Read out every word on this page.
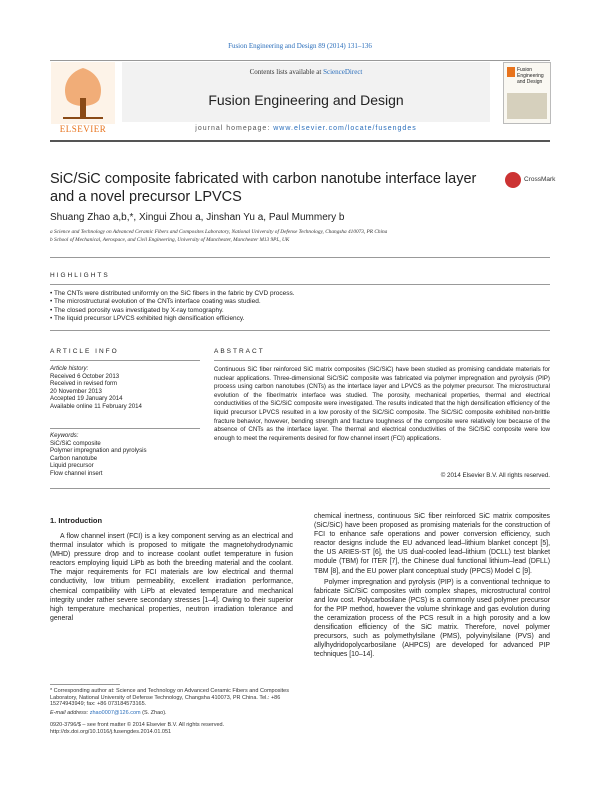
Fusion Engineering and Design 89 (2014) 131–136
ELSEVIER
Contents lists available at ScienceDirect
Fusion Engineering and Design
journal homepage: www.elsevier.com/locate/fusengdes
Fusion Engineering and Design
SiC/SiC composite fabricated with carbon nanotube interface layer and a novel precursor LPVCS
CrossMark
Shuang Zhao a,b,*, Xingui Zhou a, Jinshan Yu a, Paul Mummery b
a Science and Technology on Advanced Ceramic Fibers and Composites Laboratory, National University of Defense Technology, Changsha 410073, PR China
b School of Mechanical, Aerospace, and Civil Engineering, University of Manchester, Manchester M13 9PL, UK
HIGHLIGHTS
• The CNTs were distributed uniformly on the SiC fibers in the fabric by CVD process.
• The microstructural evolution of the CNTs interface coating was studied.
• The closed porosity was investigated by X-ray tomography.
• The liquid precursor LPVCS exhibited high densification efficiency.
ARTICLE INFO
Article history:
Received 6 October 2013
Received in revised form
20 November 2013
Accepted 19 January 2014
Available online 11 February 2014
Keywords:
SiC/SiC composite
Polymer impregnation and pyrolysis
Carbon nanotube
Liquid precursor
Flow channel insert
ABSTRACT
Continuous SiC fiber reinforced SiC matrix composites (SiC/SiC) have been studied as promising candidate materials for nuclear applications. Three-dimensional SiC/SiC composite was fabricated via polymer impregnation and pyrolysis (PIP) process using carbon nanotubes (CNTs) as the interface layer and LPVCS as the polymer precursor. The microstructural evolution of the fiber/matrix interface was studied. The porosity, mechanical properties, thermal and electrical conductivities of the SiC/SiC composite were investigated. The results indicated that the high densification efficiency of the liquid precursor LPVCS resulted in a low porosity of the SiC/SiC composite. The SiC/SiC composite exhibited non-brittle fracture behavior, however, bending strength and fracture toughness of the composite were relatively low because of the absence of CNTs as the interface layer. The thermal and electrical conductivities of the SiC/SiC composite were low enough to meet the requirements desired for flow channel insert (FCI) applications.
© 2014 Elsevier B.V. All rights reserved.
1. Introduction

A flow channel insert (FCI) is a key component serving as an electrical and thermal insulator which is proposed to mitigate the magnetohydrodynamic (MHD) pressure drop and to increase coolant outlet temperature in fusion reactors employing liquid LiPb as both the breeding material and the coolant. The major requirements for FCI materials are low electrical and thermal conductivity, low tritium permeability, excellent irradiation performance, chemical compatibility with LiPb at elevated temperature and mechanical integrity under rather severe secondary stresses [1–4]. Owing to their superior high temperature mechanical properties, neutron irradiation tolerance and general

chemical inertness, continuous SiC fiber reinforced SiC matrix composites (SiC/SiC) have been proposed as promising materials for the construction of FCI to enhance safe operations and power conversion efficiency, such reactor designs include the EU advanced lead–lithium blanket concept [5], the US ARIES-ST [6], the US dual-cooled lead–lithium (DCLL) test blanket module (TBM) for ITER [7], the Chinese dual functional lithium–lead (DFLL) TBM [8], and the EU power plant conceptual study (PPCS) Model C [9].

Polymer impregnation and pyrolysis (PIP) is a conventional technique to fabricate SiC/SiC composites with complex shapes, microstructural control and low cost. Polycarbosilane (PCS) is a commonly used polymer precursor for the PIP method, however the volume shrinkage and gas evolution during the ceramization process of the PCS result in a high porosity and a low densification efficiency of the SiC matrix. Therefore, novel polymer precursors, such as polymethylsilane (PMS), polyvinylsilane (PVS) and allylhydridopolycarbosilane (AHPCS) are developed for advanced PIP techniques [10–14].

* Corresponding author at: Science and Technology on Advanced Ceramic Fibers and Composites Laboratory, National University of Defense Technology, Changsha 410073, PR China. Tel.: +86 15274943949; fax: +86 073184573165.
E-mail address: zhao0007@126.com (S. Zhao).
0920-3796/$ – see front matter © 2014 Elsevier B.V. All rights reserved.
http://dx.doi.org/10.1016/j.fusengdes.2014.01.051
